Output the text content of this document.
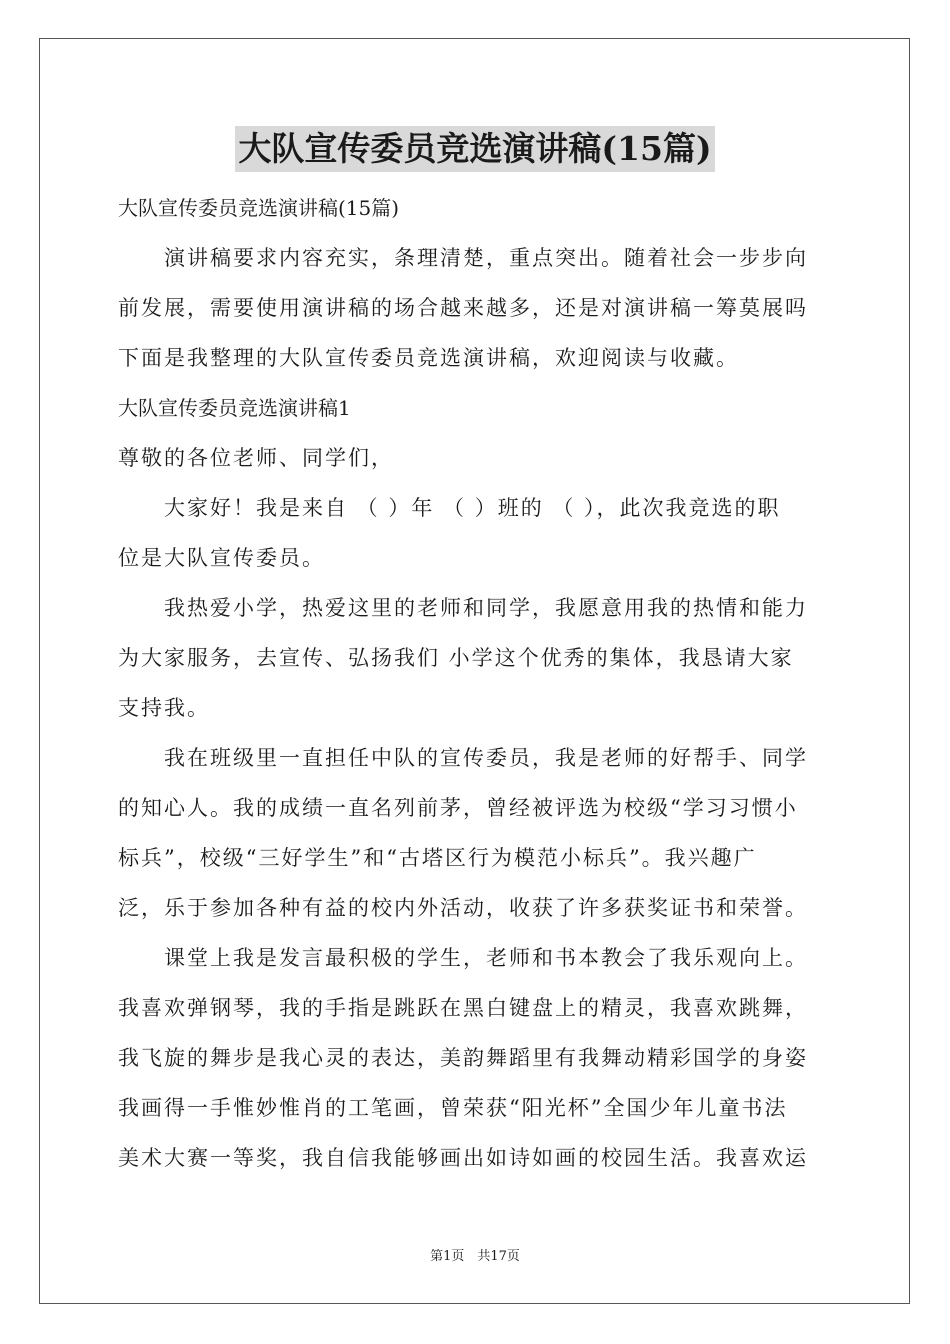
大队宣传委员竞选演讲稿(15篇)
大队宣传委员竞选演讲稿(15篇)
演讲稿要求内容充实，条理清楚，重点突出。随着社会一步步向
前发展，需要使用演讲稿的场合越来越多，还是对演讲稿一筹莫展吗
下面是我整理的大队宣传委员竞选演讲稿，欢迎阅读与收藏。
大队宣传委员竞选演讲稿1
尊敬的各位老师、同学们，
大家好！我是来自 （ ）年 （ ）班的 （ ），此次我竞选的职
位是大队宣传委员。
我热爱小学，热爱这里的老师和同学，我愿意用我的热情和能力
为大家服务，去宣传、弘扬我们 小学这个优秀的集体，我恳请大家
支持我。
我在班级里一直担任中队的宣传委员，我是老师的好帮手、同学
的知心人。我的成绩一直名列前茅，曾经被评选为校级“学习习惯小
标兵”，校级“三好学生”和“古塔区行为模范小标兵”。我兴趣广
泛，乐于参加各种有益的校内外活动，收获了许多获奖证书和荣誉。
课堂上我是发言最积极的学生，老师和书本教会了我乐观向上。
我喜欢弹钢琴，我的手指是跳跃在黑白键盘上的精灵，我喜欢跳舞，
我飞旋的舞步是我心灵的表达，美韵舞蹈里有我舞动精彩国学的身姿
我画得一手惟妙惟肖的工笔画，曾荣获“阳光杯”全国少年儿童书法
美术大赛一等奖，我自信我能够画出如诗如画的校园生活。我喜欢运
第1页　共17页
